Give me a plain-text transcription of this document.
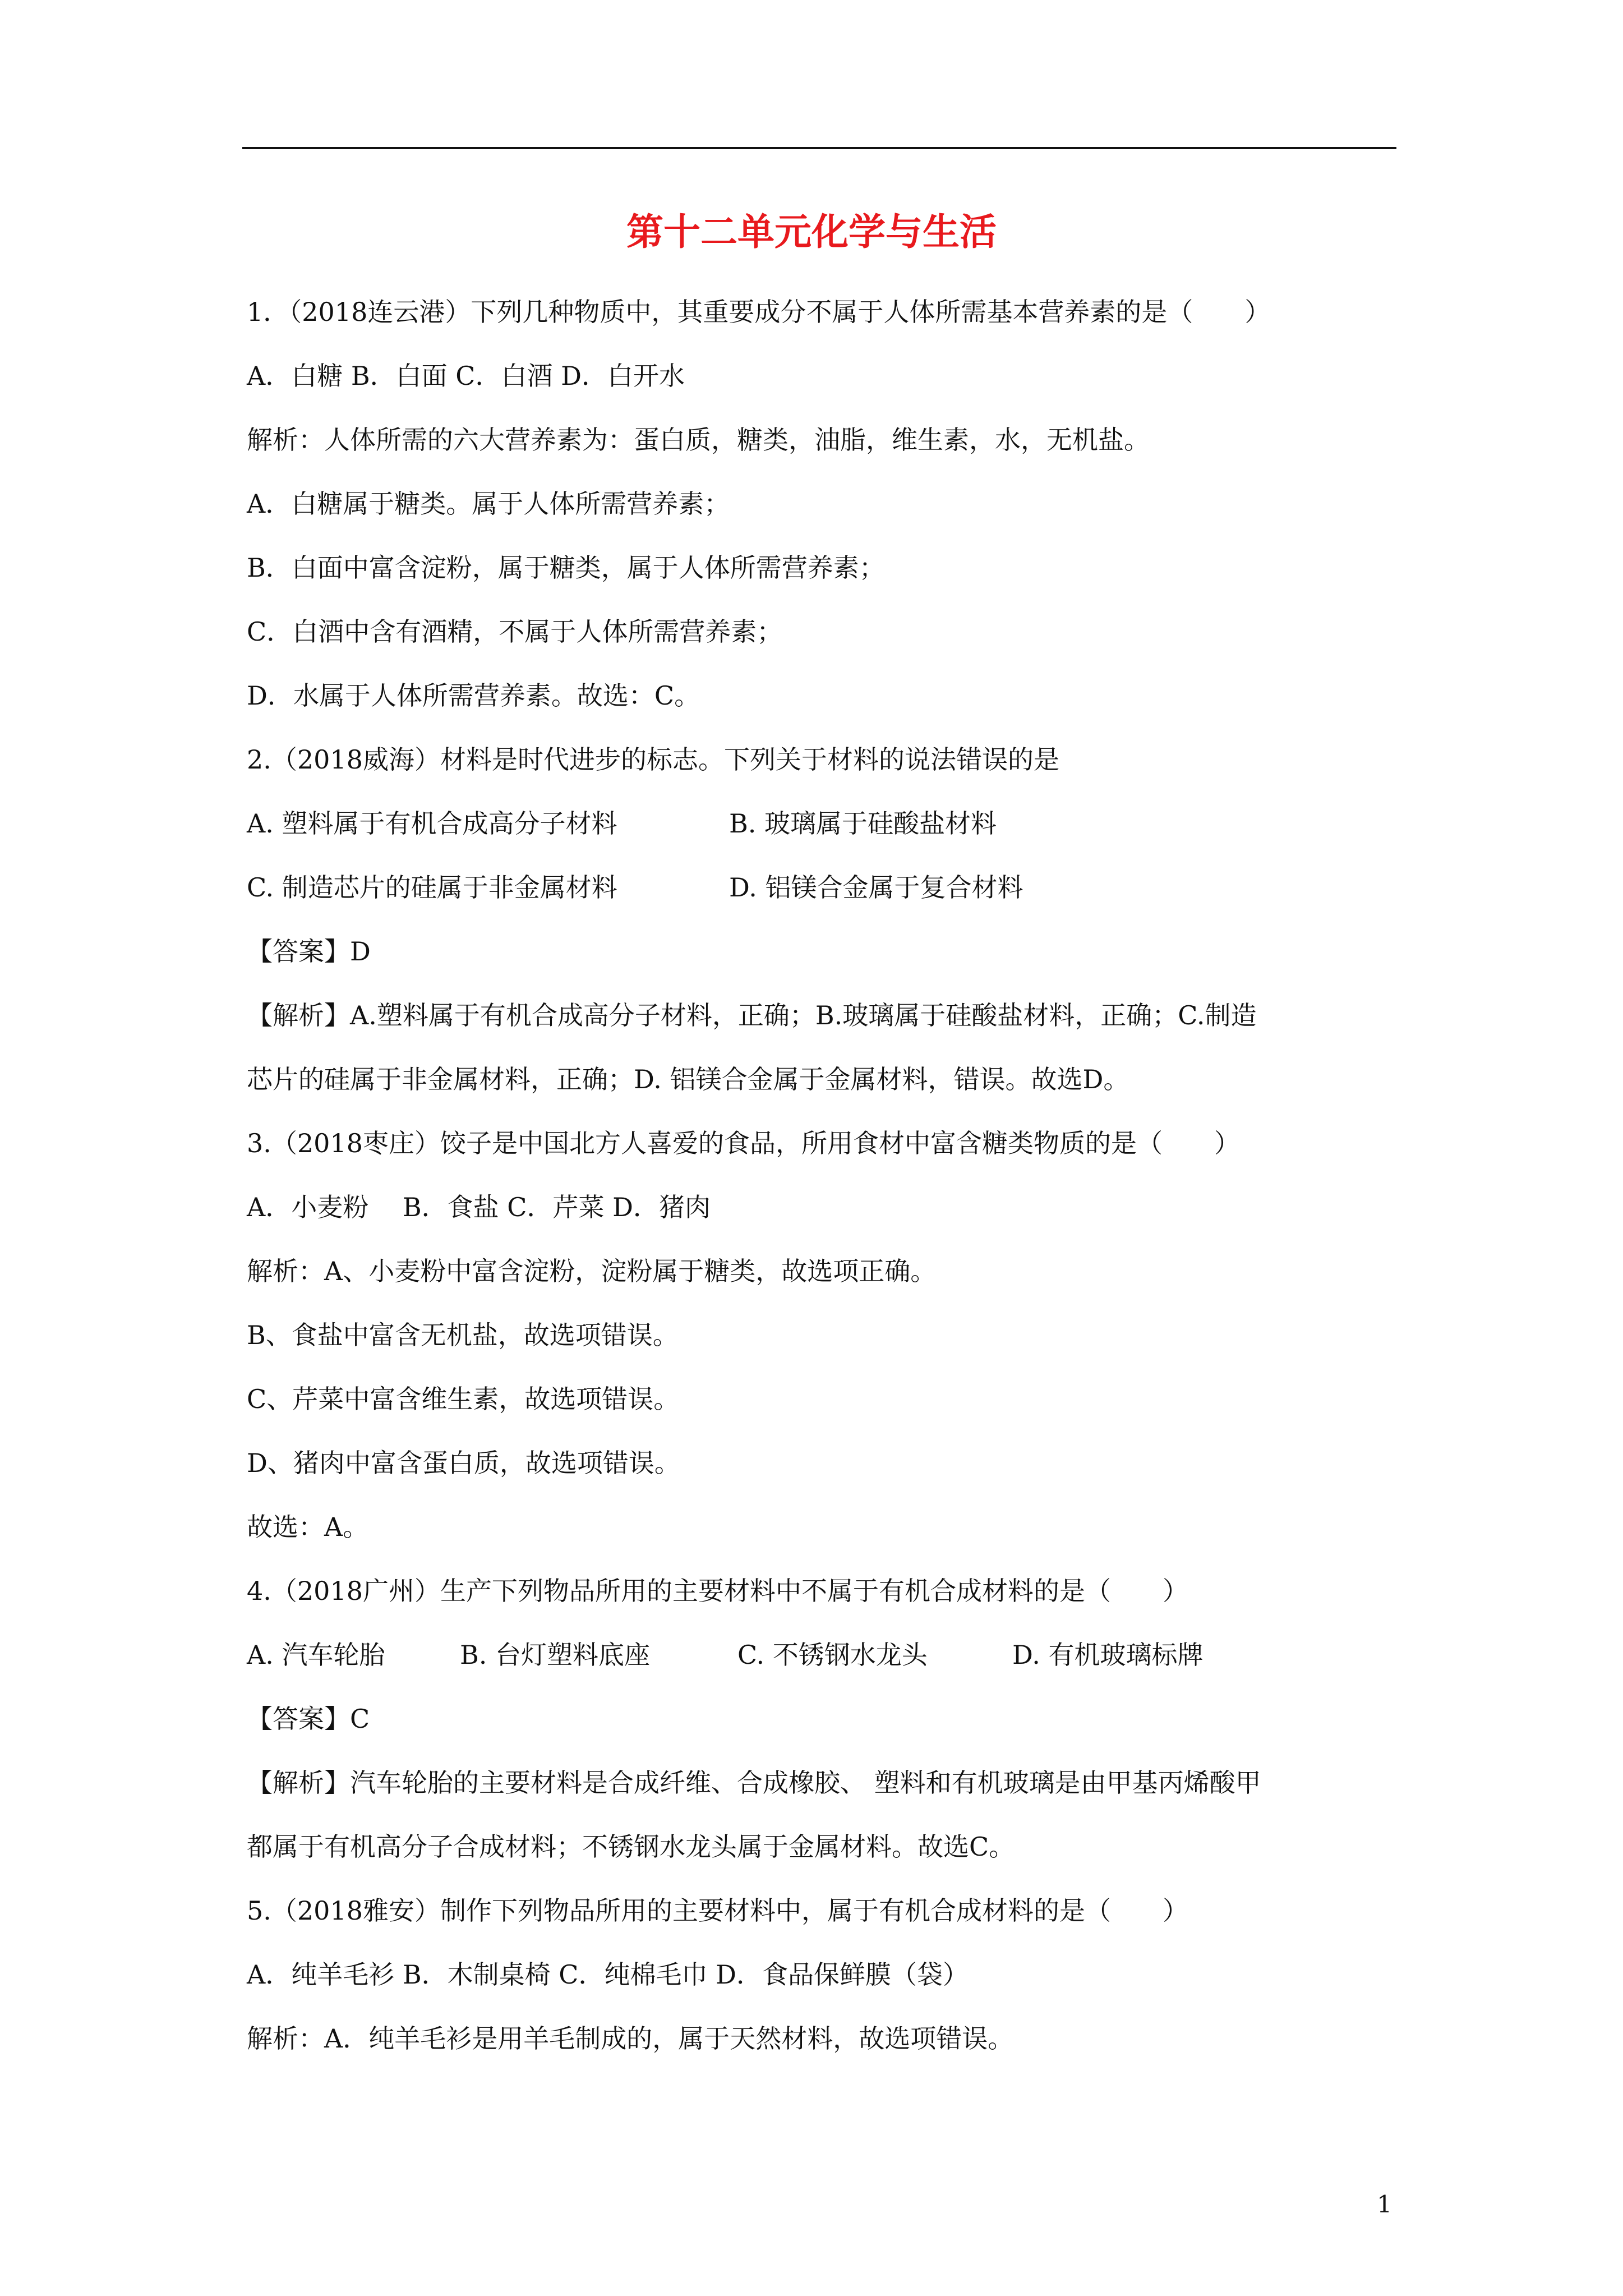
第十二单元化学与生活
1．（2018连云港）下列几种物质中，其重要成分不属于人体所需基本营养素的是（　　）
A．白糖 B．白面 C．白酒 D．白开水
解析：人体所需的六大营养素为：蛋白质，糖类，油脂，维生素，水，无机盐。
A．白糖属于糖类。属于人体所需营养素；
B．白面中富含淀粉，属于糖类，属于人体所需营养素；
C．白酒中含有酒精，不属于人体所需营养素；
D．水属于人体所需营养素。故选：C。
2.（2018威海）材料是时代进步的标志。下列关于材料的说法错误的是
A. 塑料属于有机合成高分子材料	B. 玻璃属于硅酸盐材料
C. 制造芯片的硅属于非金属材料	D. 铝镁合金属于复合材料
【答案】D
【解析】A.塑料属于有机合成高分子材料，正确；B.玻璃属于硅酸盐材料，正确；C.制造
芯片的硅属于非金属材料，正确；D. 铝镁合金属于金属材料，错误。故选D。
3.（2018枣庄）饺子是中国北方人喜爱的食品，所用食材中富含糖类物质的是（　　）
A．小麦粉　 B．食盐 C．芹菜 D．猪肉
解析：A、小麦粉中富含淀粉，淀粉属于糖类，故选项正确。
B、食盐中富含无机盐，故选项错误。
C、芹菜中富含维生素，故选项错误。
D、猪肉中富含蛋白质，故选项错误。
故选：A。
4.（2018广州）生产下列物品所用的主要材料中不属于有机合成材料的是（　　）
A. 汽车轮胎	B. 台灯塑料底座	C. 不锈钢水龙头	D. 有机玻璃标牌
【答案】C
【解析】汽车轮胎的主要材料是合成纤维、合成橡胶、 塑料和有机玻璃是由甲基丙烯酸甲
都属于有机高分子合成材料；不锈钢水龙头属于金属材料。故选C。
5.（2018雅安）制作下列物品所用的主要材料中，属于有机合成材料的是（　　）
A．纯羊毛衫 B．木制桌椅 C．纯棉毛巾 D．食品保鲜膜（袋）
解析：A．纯羊毛衫是用羊毛制成的，属于天然材料，故选项错误。
1
